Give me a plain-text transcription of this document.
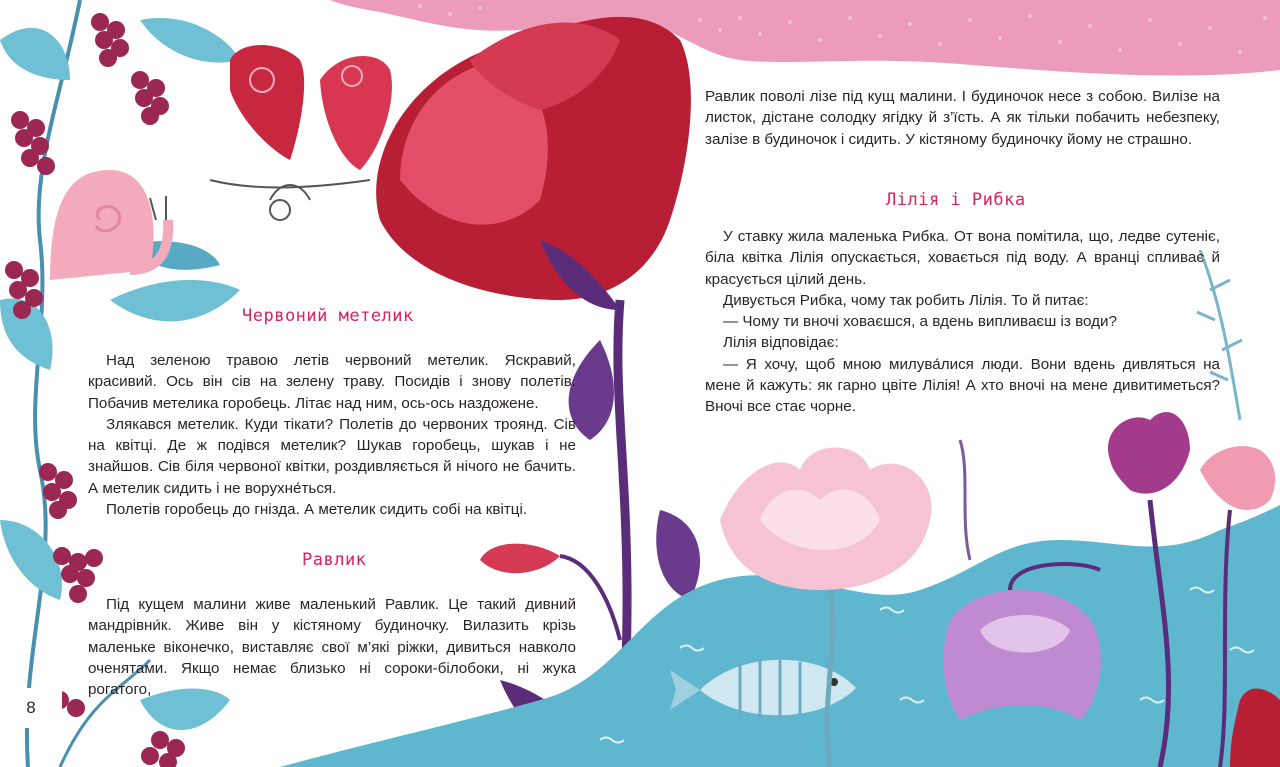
Червоний метелик

Над зеленою травою летів червоний метелик. Яскравий, красивий. Ось він сів на зелену траву. Посидів і знову полетів. Побачив метелика горобець. Літає над ним, ось-ось наздожене.

Злякався метелик. Куди тікати? Полетів до червоних троянд. Сів на квітці. Де ж подівся метелик? Шукав горобець, шукав і не знайшов. Сів біля червоної квітки, роздивляється й нічого не бачить. А метелик сидить і не ворухне́ться.

Полетів горобець до гнізда. А метелик сидить собі на квітці.

Равлик

Під кущем малини живе маленький Равлик. Це такий дивний мандрівни́к. Живе він у кістяному будиночку. Вилазить крізь маленьке віконечко, виставляє свої м’які ріжки, дивиться навколо оченятами. Якщо немає близько ні сороки-білобоки, ні жука рогатого,

Равлик поволі лізе під кущ малини. І будиночок несе з собою. Вилізе на листок, дістане солодку ягідку й з’їсть. А як тільки побачить небезпеку, залізе в будиночок і сидить. У кістяному будиночку йому не страшно.

Лілія і Рибка

У ставку жила маленька Рибка. От вона помітила, що, ледве сутеніє, біла квітка Лілія опускається, ховається під воду. А вранці спливає й красується цілий день.

Дивується Рибка, чому так робить Лілія. То й питає:

— Чому ти вночі ховаєшся, а вдень випливаєш із води?

Лілія відповідає:

— Я хочу, щоб мною милува́лися люди. Вони вдень дивляться на мене й кажуть: як гарно цвіте Лілія! А хто вночі на мене дивитиметься? Вночі все стає чорне.

8
